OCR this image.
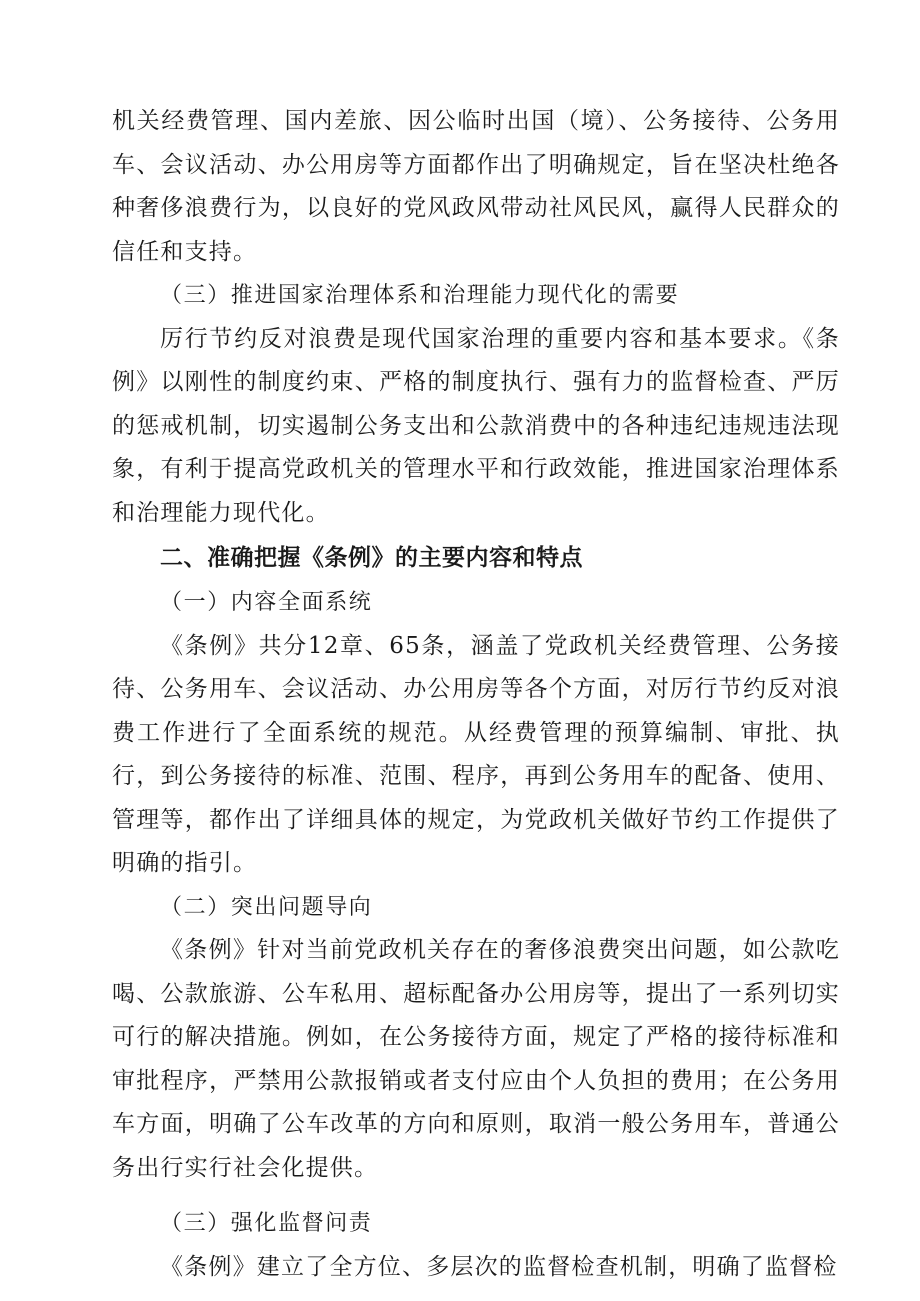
机关经费管理、国内差旅、因公临时出国（境）、公务接待、公务用车、会议活动、办公用房等方面都作出了明确规定，旨在坚决杜绝各种奢侈浪费行为，以良好的党风政风带动社风民风，赢得人民群众的信任和支持。

（三）推进国家治理体系和治理能力现代化的需要

厉行节约反对浪费是现代国家治理的重要内容和基本要求。《条例》以刚性的制度约束、严格的制度执行、强有力的监督检查、严厉的惩戒机制，切实遏制公务支出和公款消费中的各种违纪违规违法现象，有利于提高党政机关的管理水平和行政效能，推进国家治理体系和治理能力现代化。

二、准确把握《条例》的主要内容和特点

（一）内容全面系统

《条例》共分12章、65条，涵盖了党政机关经费管理、公务接待、公务用车、会议活动、办公用房等各个方面，对厉行节约反对浪费工作进行了全面系统的规范。从经费管理的预算编制、审批、执行，到公务接待的标准、范围、程序，再到公务用车的配备、使用、管理等，都作出了详细具体的规定，为党政机关做好节约工作提供了明确的指引。

（二）突出问题导向

《条例》针对当前党政机关存在的奢侈浪费突出问题，如公款吃喝、公款旅游、公车私用、超标配备办公用房等，提出了一系列切实可行的解决措施。例如，在公务接待方面，规定了严格的接待标准和审批程序，严禁用公款报销或者支付应由个人负担的费用；在公务用车方面，明确了公车改革的方向和原则，取消一般公务用车，普通公务出行实行社会化提供。

（三）强化监督问责

《条例》建立了全方位、多层次的监督检查机制，明确了监督检
